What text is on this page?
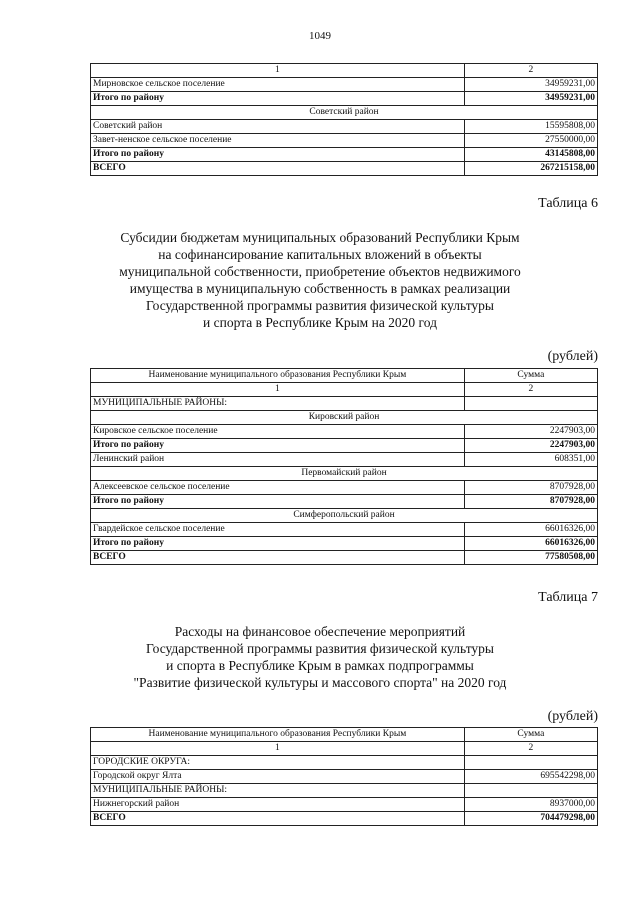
1049
1	2
Мирновское сельское поселение	34959231,00
Итого по району	34959231,00
Советский район	
Советский район	15595808,00
Завет-ненское сельское поселение	27550000,00
Итого по району	43145808,00
ВСЕГО	267215158,00
Таблица 6
Субсидии бюджетам муниципальных образований Республики Крым
на софинансирование капитальных вложений в объекты
муниципальной собственности, приобретение объектов недвижимого
имущества в муниципальную собственность в рамках реализации
Государственной программы развития физической культуры
и спорта в Республике Крым на 2020 год
(рублей)
Наименование муниципального образования Республики Крым	Сумма
1	2
МУНИЦИПАЛЬНЫЕ РАЙОНЫ:	
Кировский район	
Кировское сельское поселение	2247903,00
Итого по району	2247903,00
Ленинский район	608351,00
Первомайский район	
Алексеевское сельское поселение	8707928,00
Итого по району	8707928,00
Симферопольский район	
Гвардейское сельское поселение	66016326,00
Итого по району	66016326,00
ВСЕГО	77580508,00
Таблица 7
Расходы на финансовое обеспечение мероприятий
Государственной программы развития физической культуры
и спорта в Республике Крым в рамках подпрограммы
"Развитие физической культуры и массового спорта" на 2020 год
(рублей)
Наименование муниципального образования Республики Крым	Сумма
1	2
ГОРОДСКИЕ ОКРУГА:	
Городской округ Ялта	695542298,00
МУНИЦИПАЛЬНЫЕ РАЙОНЫ:	
Нижнегорский район	8937000,00
ВСЕГО	704479298,00
